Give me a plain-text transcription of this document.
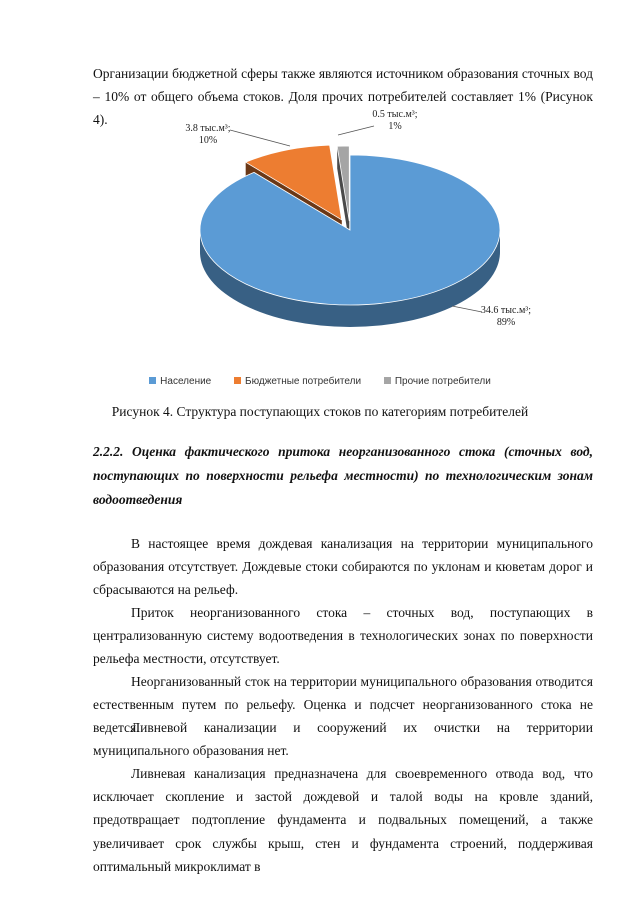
Организации бюджетной сферы также являются источником образования сточных вод – 10% от общего объема стоков. Доля прочих потребителей составляет 1% (Рисунок 4).

34.6 тыс.м³;
89%
3.8 тыс.м³;
10%
0.5 тыс.м³;
1%
Население	Бюджетные потребители	Прочие потребители

Рисунок 4. Структура поступающих стоков по категориям потребителей

2.2.2. Оценка фактического притока неорганизованного стока (сточных вод, поступающих по поверхности рельефа местности) по технологическим зонам водоотведения

В настоящее время дождевая канализация на территории муниципального образования отсутствует. Дождевые стоки собираются по уклонам и кюветам дорог и сбрасываются на рельеф.

Приток неорганизованного стока – сточных вод, поступающих в централизованную систему водоотведения в технологических зонах по поверхности рельефа местности, отсутствует.

Неорганизованный сток на территории муниципального образования отводится естественным путем по рельефу. Оценка и подсчет неорганизованного стока не ведется.

Ливневой канализации и сооружений их очистки на территории муниципального образования нет.

Ливневая канализация предназначена для своевременного отвода вод, что исключает скопление и застой дождевой и талой воды на кровле зданий, предотвращает подтопление фундамента и подвальных помещений, а также увеличивает срок службы крыш, стен и фундамента строений, поддерживая оптимальный микроклимат в
